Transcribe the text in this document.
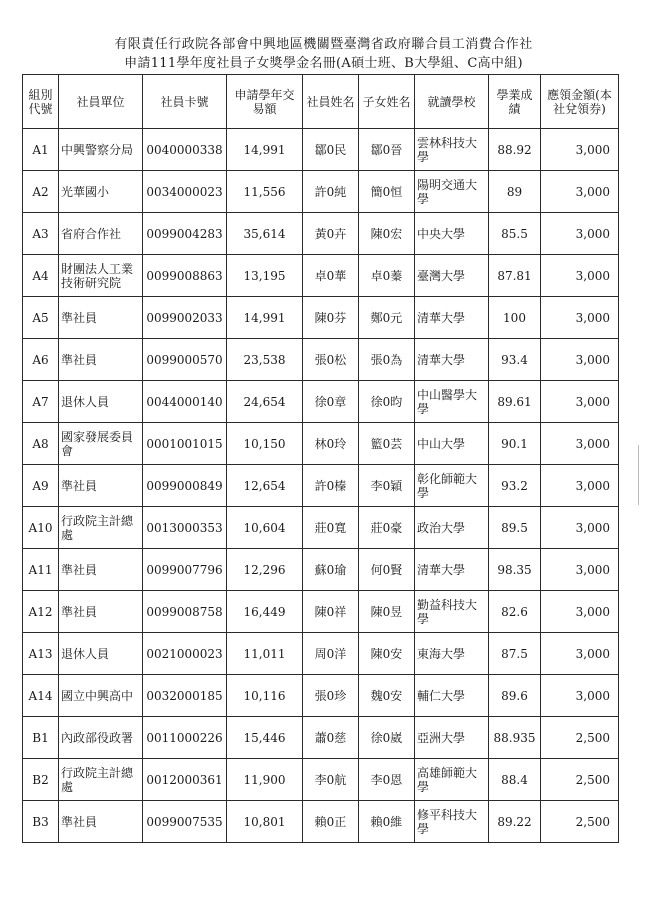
有限責任行政院各部會中興地區機關暨臺灣省政府聯合員工消費合作社
申請111學年度社員子女獎學金名冊(A碩士班、B大學組、C高中組)
組別代號	社員單位	社員卡號	申請學年交易額	社員姓名	子女姓名	就讀學校	學業成績	應領金額(本社兌領券)
A1	中興警察分局	0040000338	14,991	鄒0民	鄒0晉	雲林科技大學	88.92	3,000
A2	光華國小	0034000023	11,556	許0純	簡0恒	陽明交通大學	89	3,000
A3	省府合作社	0099004283	35,614	黃0卉	陳0宏	中央大學	85.5	3,000
A4	財團法人工業技術研究院	0099008863	13,195	卓0華	卓0蓁	臺灣大學	87.81	3,000
A5	準社員	0099002033	14,991	陳0芬	鄭0元	清華大學	100	3,000
A6	準社員	0099000570	23,538	張0松	張0為	清華大學	93.4	3,000
A7	退休人員	0044000140	24,654	徐0章	徐0昀	中山醫學大學	89.61	3,000
A8	國家發展委員會	0001001015	10,150	林0玲	籃0芸	中山大學	90.1	3,000
A9	準社員	0099000849	12,654	許0榛	李0穎	彰化師範大學	93.2	3,000
A10	行政院主計總處	0013000353	10,604	莊0寬	莊0豪	政治大學	89.5	3,000
A11	準社員	0099007796	12,296	蘇0瑜	何0賢	清華大學	98.35	3,000
A12	準社員	0099008758	16,449	陳0祥	陳0昱	勤益科技大學	82.6	3,000
A13	退休人員	0021000023	11,011	周0洋	陳0安	東海大學	87.5	3,000
A14	國立中興高中	0032000185	10,116	張0珍	魏0安	輔仁大學	89.6	3,000
B1	內政部役政署	0011000226	15,446	蕭0慈	徐0崴	亞洲大學	88.935	2,500
B2	行政院主計總處	0012000361	11,900	李0航	李0恩	高雄師範大學	88.4	2,500
B3	準社員	0099007535	10,801	賴0正	賴0維	修平科技大學	89.22	2,500
